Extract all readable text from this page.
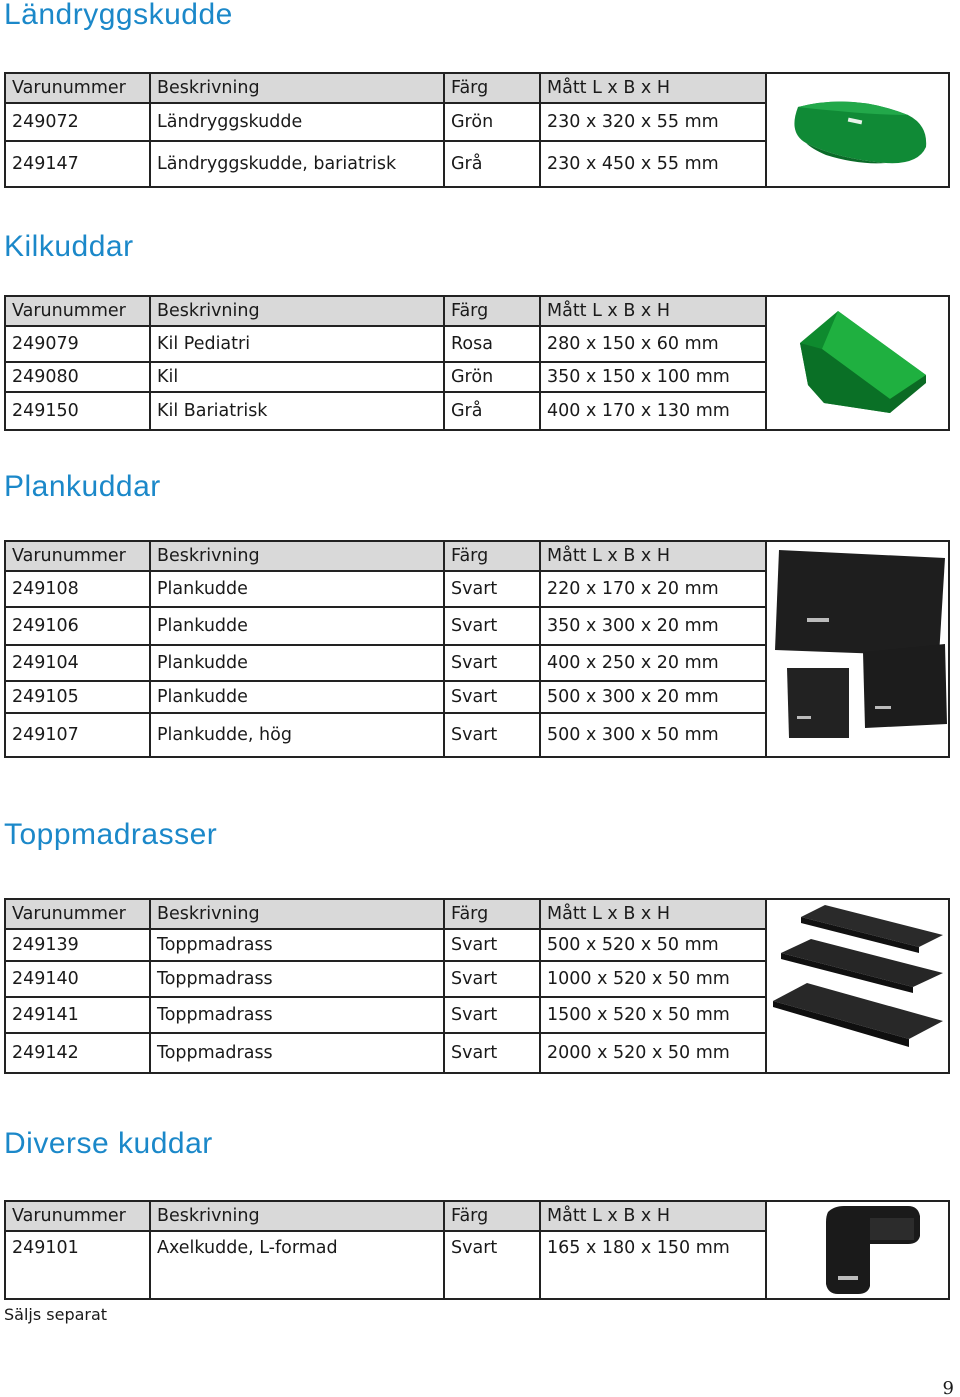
Ländryggskudde
Varunummer	Beskrivning	Färg	Mått L x B x H	

249072	Ländryggskudde	Grön	230 x 320 x 55 mm	
249147	Ländryggskudde, bariatrisk	Grå	230 x 450 x 55 mm	
Kilkuddar
Varunummer	Beskrivning	Färg	Mått L x B x H	

249079	Kil Pediatri	Rosa	280 x 150 x 60 mm	
249080	Kil	Grön	350 x 150 x 100 mm	
249150	Kil Bariatrisk	Grå	400 x 170 x 130 mm	
Plankuddar
Varunummer	Beskrivning	Färg	Mått L x B x H	

249108	Plankudde	Svart	220 x 170 x 20 mm	
249106	Plankudde	Svart	350 x 300 x 20 mm	
249104	Plankudde	Svart	400 x 250 x 20 mm	
249105	Plankudde	Svart	500 x 300 x 20 mm	
249107	Plankudde, hög	Svart	500 x 300 x 50 mm	
Toppmadrasser
Varunummer	Beskrivning	Färg	Mått L x B x H	

249139	Toppmadrass	Svart	500 x 520 x 50 mm	
249140	Toppmadrass	Svart	1000 x 520 x 50 mm	
249141	Toppmadrass	Svart	1500 x 520 x 50 mm	
249142	Toppmadrass	Svart	2000 x 520 x 50 mm	
Diverse kuddar
Varunummer	Beskrivning	Färg	Mått L x B x H	

249101	Axelkudde, L-formad	Svart	165 x 180 x 150 mm	
Säljs separat
9
